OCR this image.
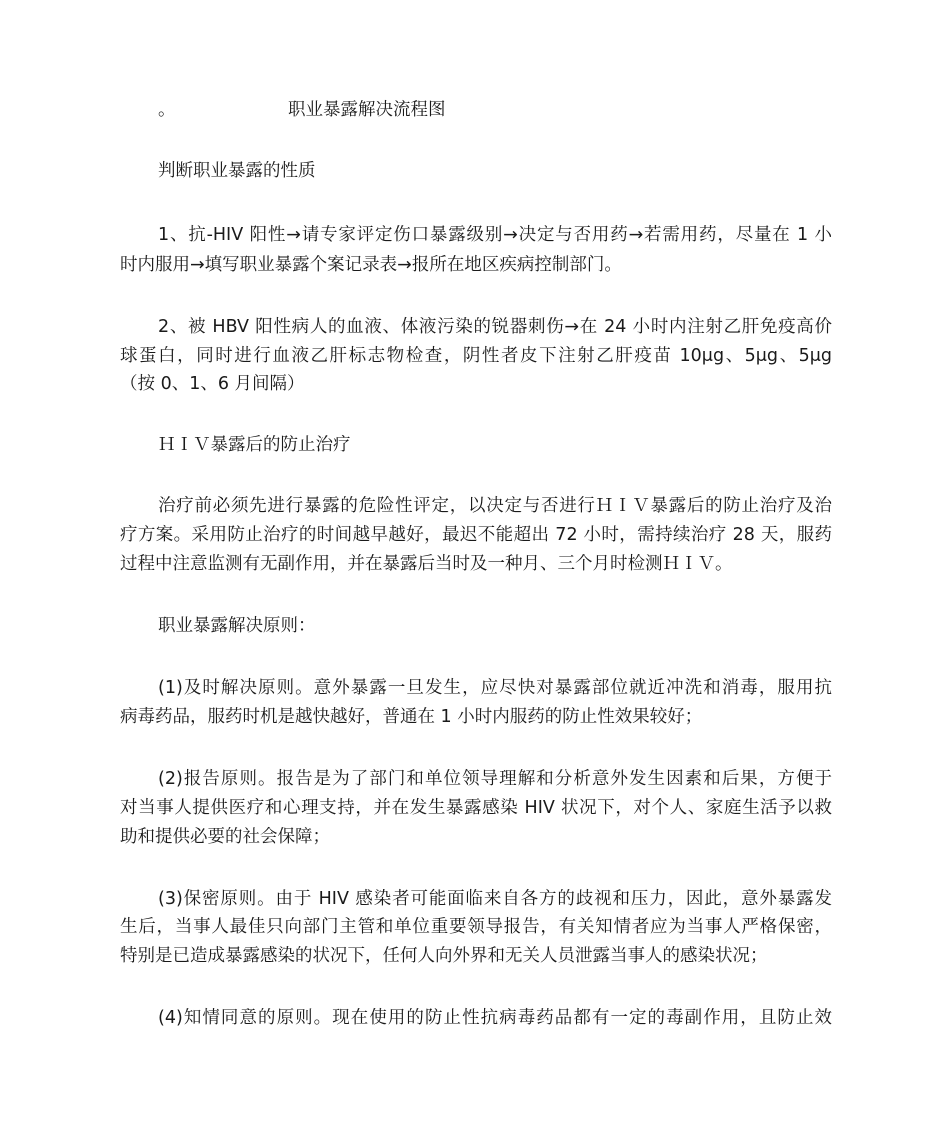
。	职业暴露解决流程图
判断职业暴露的性质
1、抗-HIV 阳性→请专家评定伤口暴露级别→决定与否用药→若需用药，尽量在 1 小
时内服用→填写职业暴露个案记录表→报所在地区疾病控制部门。
2、被 HBV 阳性病人的血液、体液污染的锐器刺伤→在 24 小时内注射乙肝免疫高价
球蛋白，同时进行血液乙肝标志物检查，阴性者皮下注射乙肝疫苗 10μg、5μg、5μg
（按 0、1、6 月间隔）
ＨＩＶ暴露后的防止治疗
治疗前必须先进行暴露的危险性评定，以决定与否进行ＨＩＶ暴露后的防止治疗及治
疗方案。采用防止治疗的时间越早越好，最迟不能超出 72 小时，需持续治疗 28 天，服药
过程中注意监测有无副作用，并在暴露后当时及一种月、三个月时检测ＨＩＶ。
职业暴露解决原则：
(1)及时解决原则。意外暴露一旦发生，应尽快对暴露部位就近冲洗和消毒，服用抗
病毒药品，服药时机是越快越好，普通在 1 小时内服药的防止性效果较好；
(2)报告原则。报告是为了部门和单位领导理解和分析意外发生因素和后果，方便于
对当事人提供医疗和心理支持，并在发生暴露感染 HIV 状况下，对个人、家庭生活予以救
助和提供必要的社会保障；
(3)保密原则。由于 HIV 感染者可能面临来自各方的歧视和压力，因此，意外暴露发
生后，当事人最佳只向部门主管和单位重要领导报告，有关知情者应为当事人严格保密，
特别是已造成暴露感染的状况下，任何人向外界和无关人员泄露当事人的感染状况；
(4)知情同意的原则。现在使用的防止性抗病毒药品都有一定的毒副作用，且防止效
